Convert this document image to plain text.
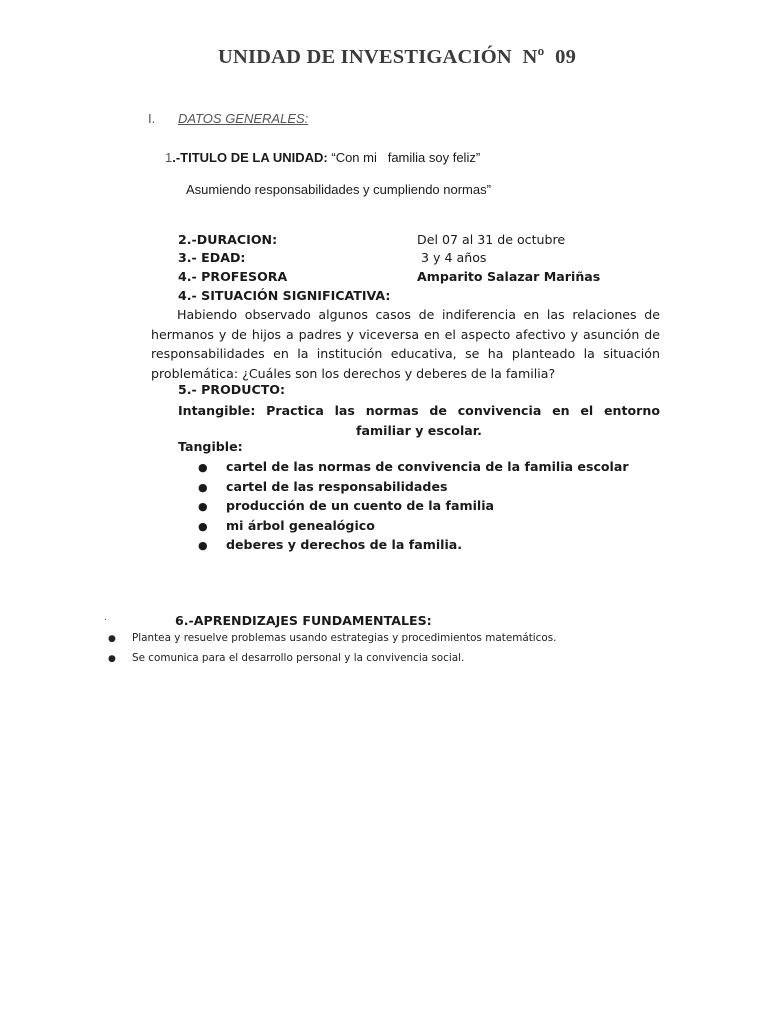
UNIDAD DE INVESTIGACIÓN  Nº  09
I. DATOS GENERALES:
1.-TITULO DE LA UNIDAD: “Con mi   familia soy feliz”
Asumiendo responsabilidades y cumpliendo normas”
2.-DURACION:	Del 07 al 31 de octubre
3.- EDAD:	3 y 4 años
4.- PROFESORA	Amparito Salazar Mariñas
4.- SITUACIÓN SIGNIFICATIVA:
Habiendo observado algunos casos de indiferencia en las relaciones de hermanos y de hijos a padres y viceversa en el aspecto afectivo y asunción de responsabilidades en la institución educativa, se ha planteado la situación problemática: ¿Cuáles son los derechos y deberes de la familia?
5.- PRODUCTO:
Intangible: Practica las normas de convivencia en el entorno familiar y escolar.
Tangible:
● cartel de las normas de convivencia de la familia escolar
● cartel de las responsabilidades
● producción de un cuento de la familia
● mi árbol genealógico
● deberes y derechos de la familia.
.	6.-APRENDIZAJES FUNDAMENTALES:
● Plantea y resuelve problemas usando estrategias y procedimientos matemáticos.
● Se comunica para el desarrollo personal y la convivencia social.
